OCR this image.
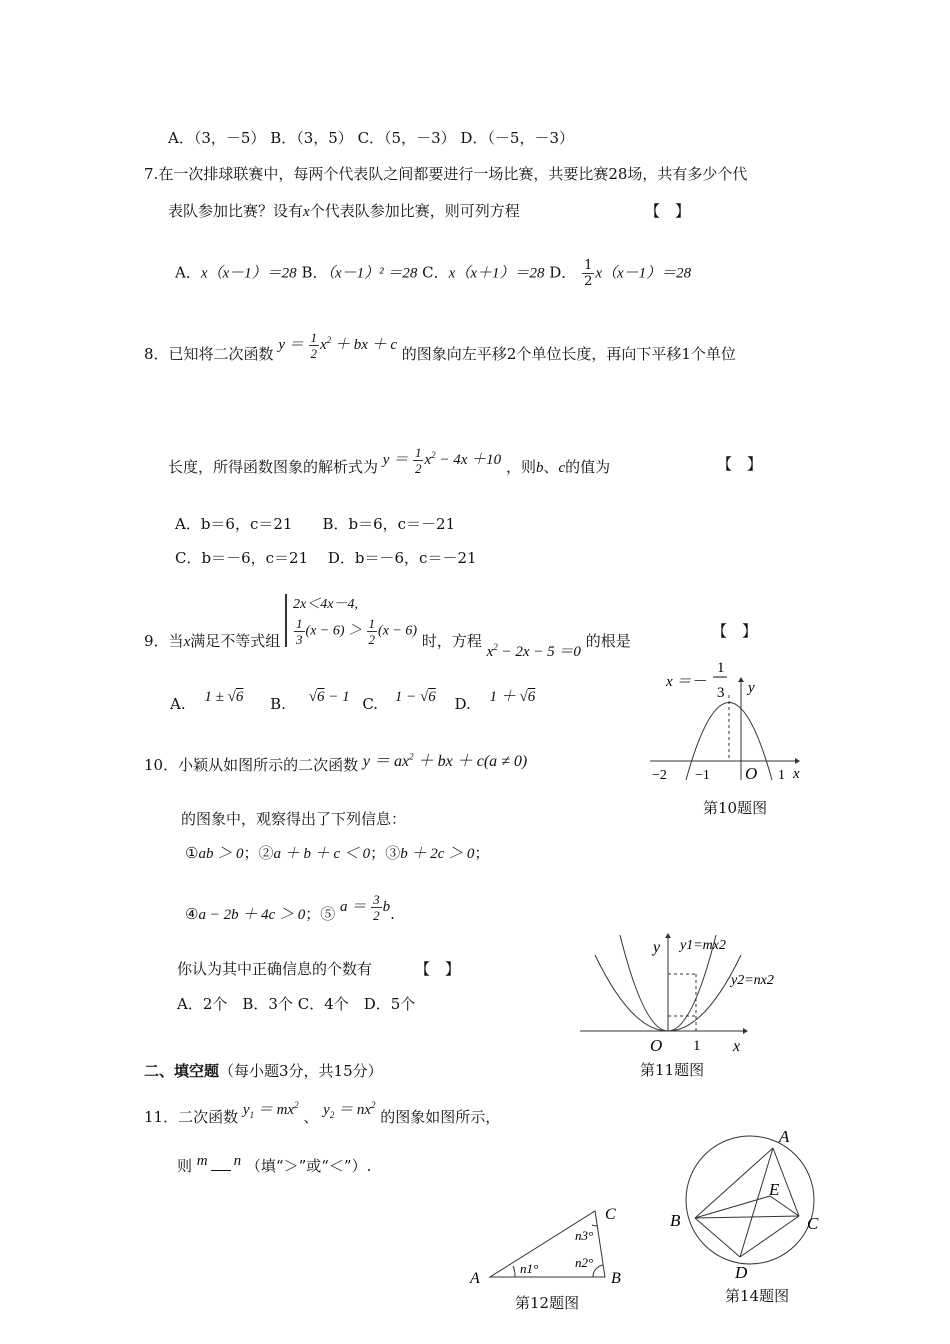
A．（3，－5） B．（3，5） C．（5，－3） D．（－5，－3）
7.在一次排球联赛中，每两个代表队之间都要进行一场比赛，共要比赛28场，共有多少个代
表队参加比赛？设有x个代表队参加比赛，则可列方程	【　】
A．x（x－1）＝28 B．（x－1）² ＝28 C．x（x＋1）＝28 D． $\frac{1}{2} x(x-1)=28$
8．已知将二次函数 $y = \frac{1}{2} x^2$ ＋ bx ＋ c 的图象向左平移2个单位长度，再向下平移1个单位
长度，所得函数图象的解析式为 $y = \frac{1}{2} x^2 - 4x +10$ ，则b、c的值为	【　】
A．b＝6，c＝21　　B．b＝6，c＝－21
C．b＝－6，c＝21　 D．b＝－6，c＝－21
9．当x满足不等式组
2x＜4x－4,
$\frac{1}{3} (x - 6) > \frac{1}{2} (x - 6)$
时，方程 $x^2 - 2x - 5 =0$ 的根是
【　】
A. 1 ± √6 B. √6 − 1 C. 1 − √6 D. 1 ＋ √6
10．小颖从如图所示的二次函数 $y = ax^2$ ＋ bx ＋ c(a ≠ 0)
的图象中，观察得出了下列信息：
①ab ＞ 0；②a ＋ b ＋ c ＜ 0；③b ＋ 2c ＞ 0；
④a − 2b ＋ 4c ＞ 0；⑤ $a = \frac{3}{2} b$.
你认为其中正确信息的个数有	【　】
A．2个　B．3个 C．4个　D．5个
二、填空题（每小题3分，共15分）
11．二次函数 $y_1 = mx^2$ 、 $y_2 = nx^2$ 的图象如图所示，
则 m n （填“＞”或“＜”）.
x ＝－
1
3 y
x
O
−2 −1	1
第10题图
y
x
O 1
y1=mx2
y2=nx2
第11题图
A	B
C
n1°	n2°
n3°
第12题图
A
B	C
D
E
第14题图
